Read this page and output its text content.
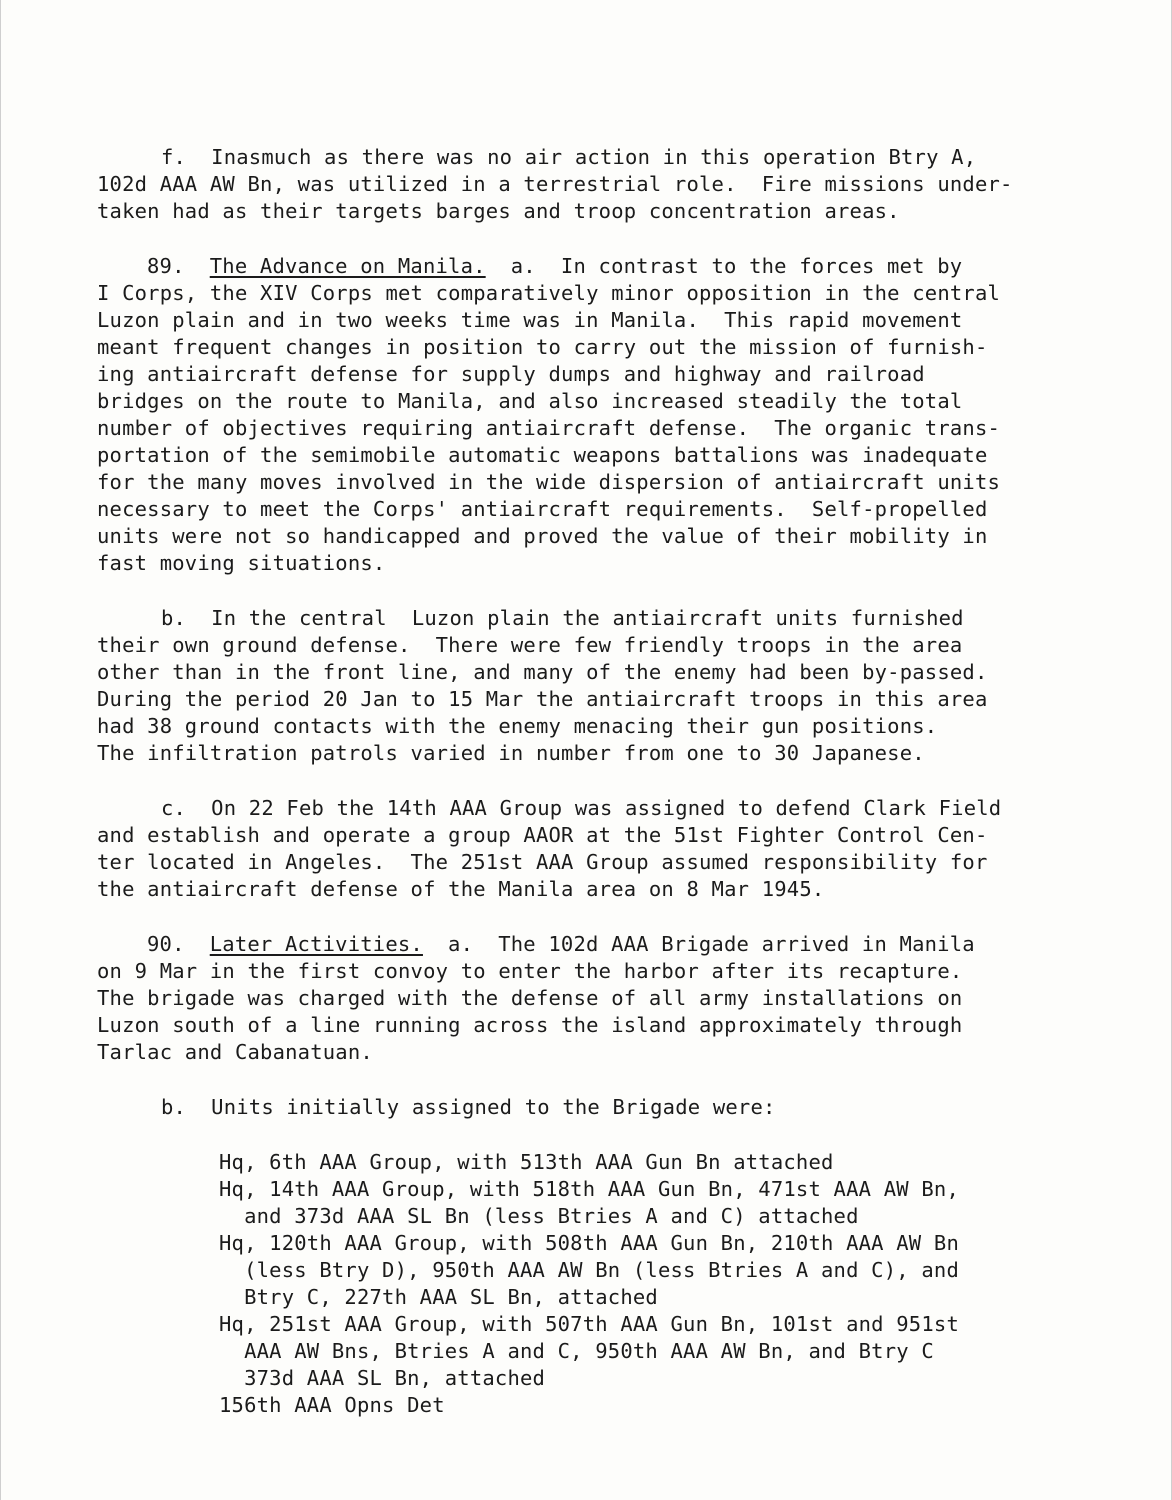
f.  Inasmuch as there was no air action in this operation Btry A,
102d AAA AW Bn, was utilized in a terrestrial role.  Fire missions under-
taken had as their targets barges and troop concentration areas.
89. The Advance on Manila. a.  In contrast to the forces met by
I Corps, the XIV Corps met comparatively minor opposition in the central
Luzon plain and in two weeks time was in Manila.  This rapid movement
meant frequent changes in position to carry out the mission of furnish-
ing antiaircraft defense for supply dumps and highway and railroad
bridges on the route to Manila, and also increased steadily the total
number of objectives requiring antiaircraft defense.  The organic trans-
portation of the semimobile automatic weapons battalions was inadequate
for the many moves involved in the wide dispersion of antiaircraft units
necessary to meet the Corps' antiaircraft requirements.  Self-propelled
units were not so handicapped and proved the value of their mobility in
fast moving situations.
b.  In the central  Luzon plain the antiaircraft units furnished
their own ground defense.  There were few friendly troops in the area
other than in the front line, and many of the enemy had been by-passed.
During the period 20 Jan to 15 Mar the antiaircraft troops in this area
had 38 ground contacts with the enemy menacing their gun positions.
The infiltration patrols varied in number from one to 30 Japanese.
c.  On 22 Feb the 14th AAA Group was assigned to defend Clark Field
and establish and operate a group AAOR at the 51st Fighter Control Cen-
ter located in Angeles.  The 251st AAA Group assumed responsibility for
the antiaircraft defense of the Manila area on 8 Mar 1945.
90. Later Activities. a.  The 102d AAA Brigade arrived in Manila
on 9 Mar in the first convoy to enter the harbor after its recapture.
The brigade was charged with the defense of all army installations on
Luzon south of a line running across the island approximately through
Tarlac and Cabanatuan.
b.  Units initially assigned to the Brigade were:
Hq, 6th AAA Group, with 513th AAA Gun Bn attached
Hq, 14th AAA Group, with 518th AAA Gun Bn, 471st AAA AW Bn,
and 373d AAA SL Bn (less Btries A and C) attached
Hq, 120th AAA Group, with 508th AAA Gun Bn, 210th AAA AW Bn
(less Btry D), 950th AAA AW Bn (less Btries A and C), and
Btry C, 227th AAA SL Bn, attached
Hq, 251st AAA Group, with 507th AAA Gun Bn, 101st and 951st
AAA AW Bns, Btries A and C, 950th AAA AW Bn, and Btry C
373d AAA SL Bn, attached
156th AAA Opns Det
